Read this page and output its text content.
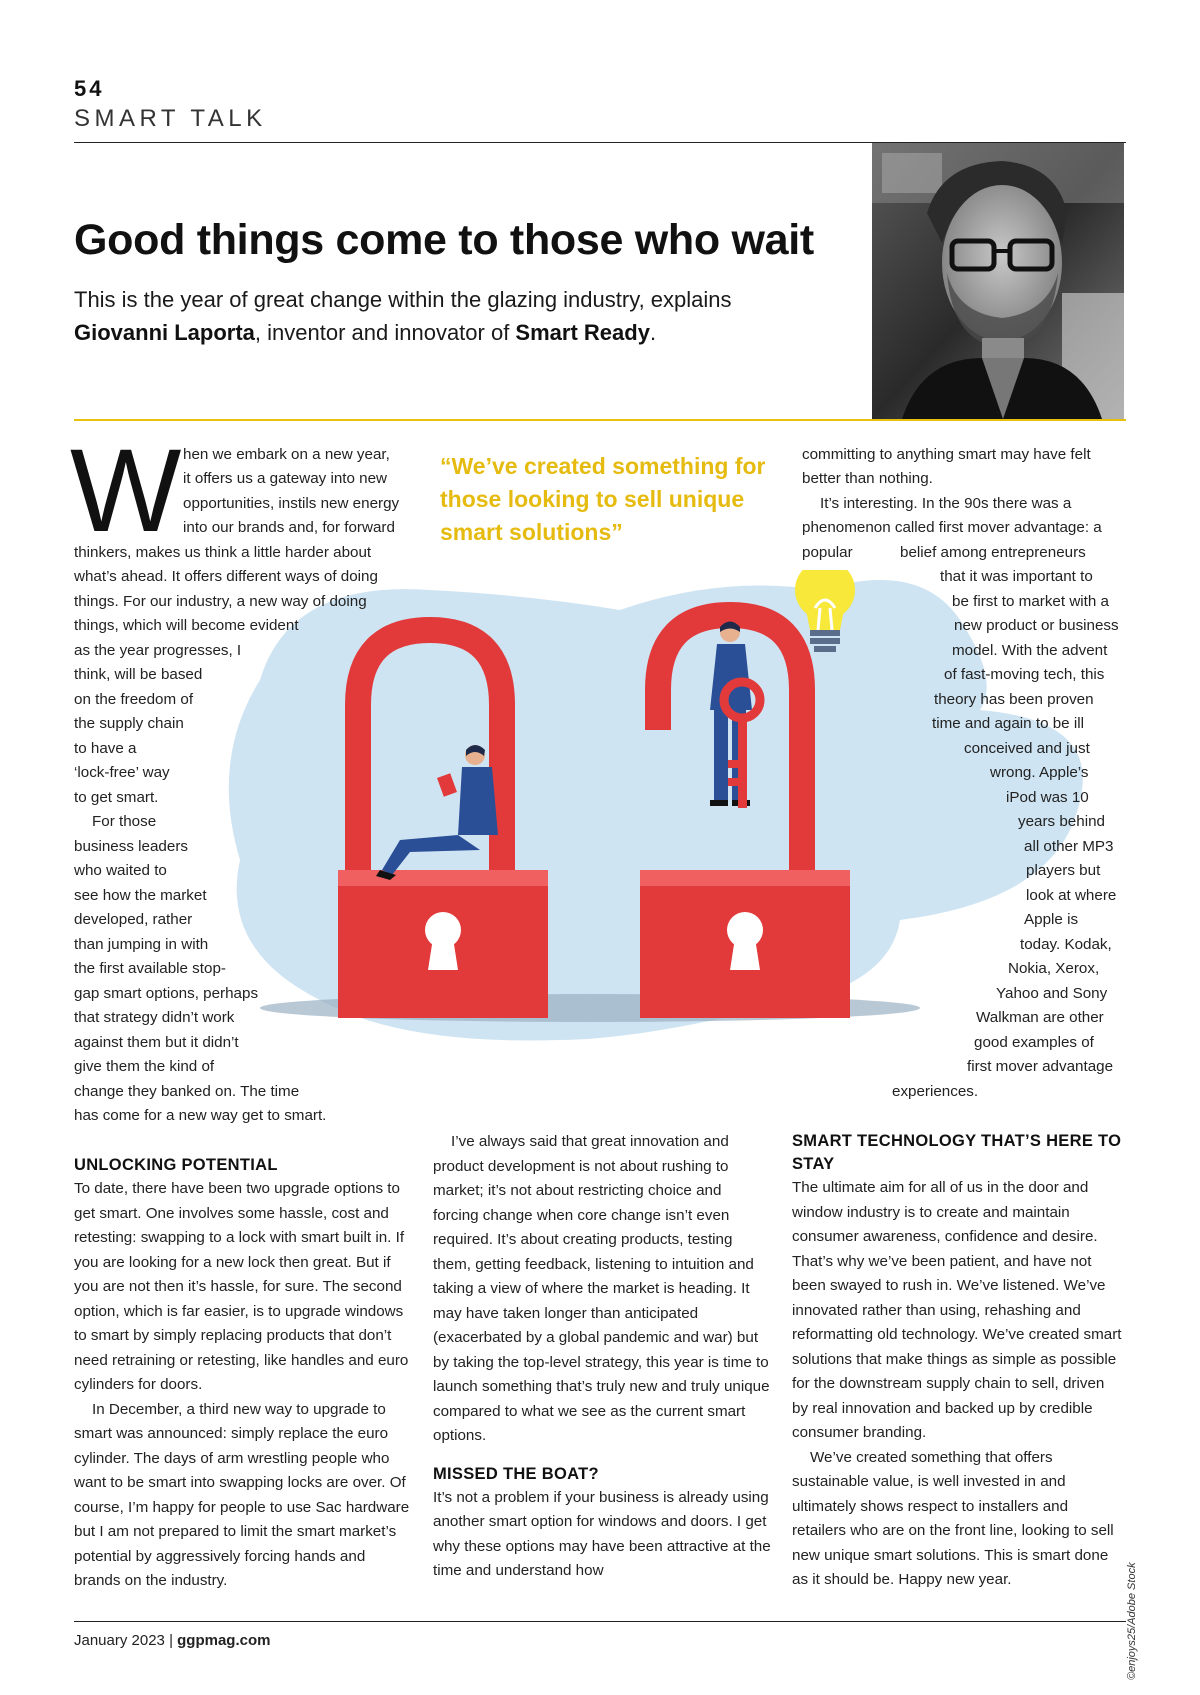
54
SMART TALK
Good things come to those who wait

This is the year of great change within the glazing industry, explains Giovanni Laporta, inventor and innovator of Smart Ready.

“We’ve created something for those looking to sell unique smart solutions”
W hen we embark on a new year,
it offers us a gateway into new
opportunities, instils new energy
into our brands and, for forward
thinkers, makes us think a little harder about
what’s ahead. It offers different ways of doing
things. For our industry, a new way of doing
things, which will become evident
as the year progresses, I
think, will be based
on the freedom of
the supply chain
to have a
‘lock-free’ way
to get smart.
For those
business leaders
who waited to
see how the market
developed, rather
than jumping in with
the first available stop-
gap smart options, perhaps
that strategy didn’t work
against them but it didn’t
give them the kind of
change they banked on. The time
has come for a new way get to smart.
committing to anything smart may have felt
better than nothing.
It’s interesting. In the 90s there was a
phenomenon called first mover advantage: a
popular	belief among entrepreneurs
that it was important to
be first to market with a
new product or business
model. With the advent
of fast-moving tech, this
theory has been proven
time and again to be ill
conceived and just
wrong. Apple’s
iPod was 10
years behind
all other MP3
players but
look at where
Apple is
today. Kodak,
Nokia, Xerox,
Yahoo and Sony
Walkman are other
good examples of
first mover advantage
experiences.
UNLOCKING POTENTIAL

To date, there have been two upgrade options to get smart. One involves some hassle, cost and retesting: swapping to a lock with smart built in. If you are looking for a new lock then great. But if you are not then it’s hassle, for sure. The second option, which is far easier, is to upgrade windows to smart by simply replacing products that don’t need retraining or retesting, like handles and euro cylinders for doors.

In December, a third new way to upgrade to smart was announced: simply replace the euro cylinder. The days of arm wrestling people who want to be smart into swapping locks are over. Of course, I’m happy for people to use Sac hardware but I am not prepared to limit the smart market’s potential by aggressively forcing hands and brands on the industry.

I’ve always said that great innovation and product development is not about rushing to market; it’s not about restricting choice and forcing change when core change isn’t even required. It’s about creating products, testing them, getting feedback, listening to intuition and taking a view of where the market is heading. It may have taken longer than anticipated (exacerbated by a global pandemic and war) but by taking the top-level strategy, this year is time to launch something that’s truly new and truly unique compared to what we see as the current smart options.

MISSED THE BOAT?

It’s not a problem if your business is already using another smart option for windows and doors. I get why these options may have been attractive at the time and understand how

SMART TECHNOLOGY THAT’S HERE TO STAY

The ultimate aim for all of us in the door and window industry is to create and maintain consumer awareness, confidence and desire. That’s why we’ve been patient, and have not been swayed to rush in. We’ve listened. We’ve innovated rather than using, rehashing and reformatting old technology. We’ve created smart solutions that make things as simple as possible for the downstream supply chain to sell, driven by real innovation and backed up by credible consumer branding.

We’ve created something that offers sustainable value, is well invested in and ultimately shows respect to installers and retailers who are on the front line, looking to sell new unique smart solutions. This is smart done as it should be. Happy new year.	©enjoys25/Adobe Stock
January 2023 | ggpmag.com
